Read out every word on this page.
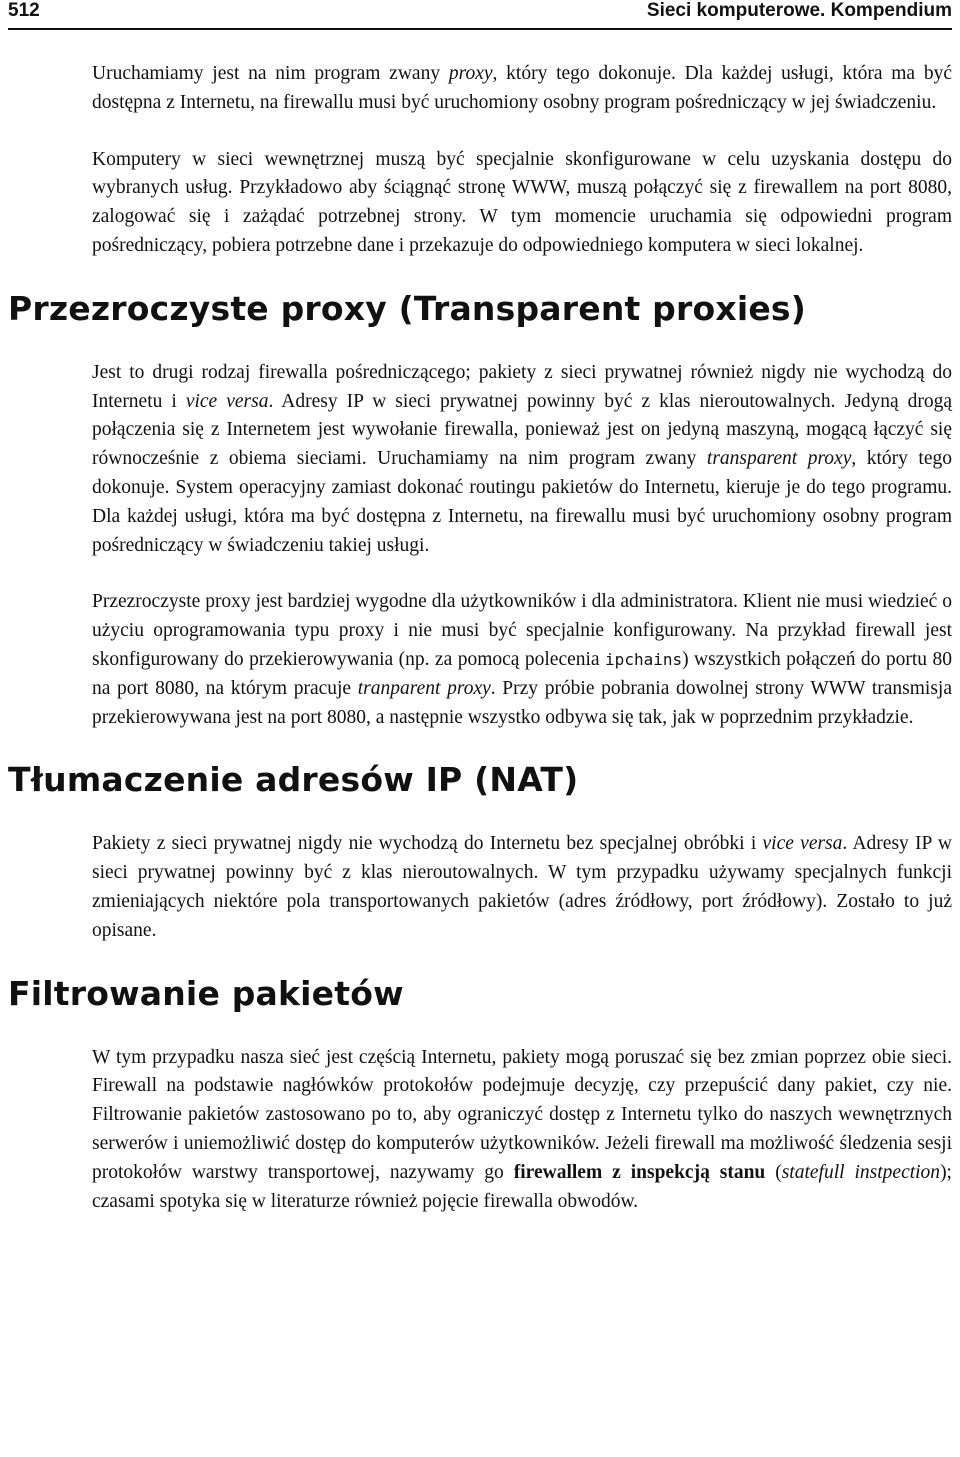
512	Sieci komputerowe. Kompendium

Uruchamiamy jest na nim program zwany proxy, który tego dokonuje. Dla każdej usługi, która ma być dostępna z Internetu, na firewallu musi być uruchomiony osobny program pośredniczący w jej świadczeniu.

Komputery w sieci wewnętrznej muszą być specjalnie skonfigurowane w celu uzyskania dostępu do wybranych usług. Przykładowo aby ściągnąć stronę WWW, muszą połączyć się z firewallem na port 8080, zalogować się i zażądać potrzebnej strony. W tym momencie uruchamia się odpowiedni program pośredniczący, pobiera potrzebne dane i przekazuje do odpowiedniego komputera w sieci lokalnej.

Przezroczyste proxy (Transparent proxies)

Jest to drugi rodzaj firewalla pośredniczącego; pakiety z sieci prywatnej również nigdy nie wychodzą do Internetu i vice versa. Adresy IP w sieci prywatnej powinny być z klas nieroutowalnych. Jedyną drogą połączenia się z Internetem jest wywołanie firewalla, ponieważ jest on jedyną maszyną, mogącą łączyć się równocześnie z obiema sieciami. Uruchamiamy na nim program zwany transparent proxy, który tego dokonuje. System operacyjny zamiast dokonać routingu pakietów do Internetu, kieruje je do tego programu. Dla każdej usługi, która ma być dostępna z Internetu, na firewallu musi być uruchomiony osobny program pośredniczący w świadczeniu takiej usługi.

Przezroczyste proxy jest bardziej wygodne dla użytkowników i dla administratora. Klient nie musi wiedzieć o użyciu oprogramowania typu proxy i nie musi być specjalnie konfigurowany. Na przykład firewall jest skonfigurowany do przekierowywania (np. za pomocą polecenia ipchains) wszystkich połączeń do portu 80 na port 8080, na którym pracuje tranparent proxy. Przy próbie pobrania dowolnej strony WWW transmisja przekierowywana jest na port 8080, a następnie wszystko odbywa się tak, jak w poprzednim przykładzie.

Tłumaczenie adresów IP (NAT)

Pakiety z sieci prywatnej nigdy nie wychodzą do Internetu bez specjalnej obróbki i vice versa. Adresy IP w sieci prywatnej powinny być z klas nieroutowalnych. W tym przypadku używamy specjalnych funkcji zmieniających niektóre pola transportowanych pakietów (adres źródłowy, port źródłowy). Zostało to już opisane.

Filtrowanie pakietów

W tym przypadku nasza sieć jest częścią Internetu, pakiety mogą poruszać się bez zmian poprzez obie sieci. Firewall na podstawie nagłówków protokołów podejmuje decyzję, czy przepuścić dany pakiet, czy nie. Filtrowanie pakietów zastosowano po to, aby ograniczyć dostęp z Internetu tylko do naszych wewnętrznych serwerów i uniemożliwić dostęp do komputerów użytkowników. Jeżeli firewall ma możliwość śledzenia sesji protokołów warstwy transportowej, nazywamy go firewallem z inspekcją stanu (statefull instpection); czasami spotyka się w literaturze również pojęcie firewalla obwodów.
